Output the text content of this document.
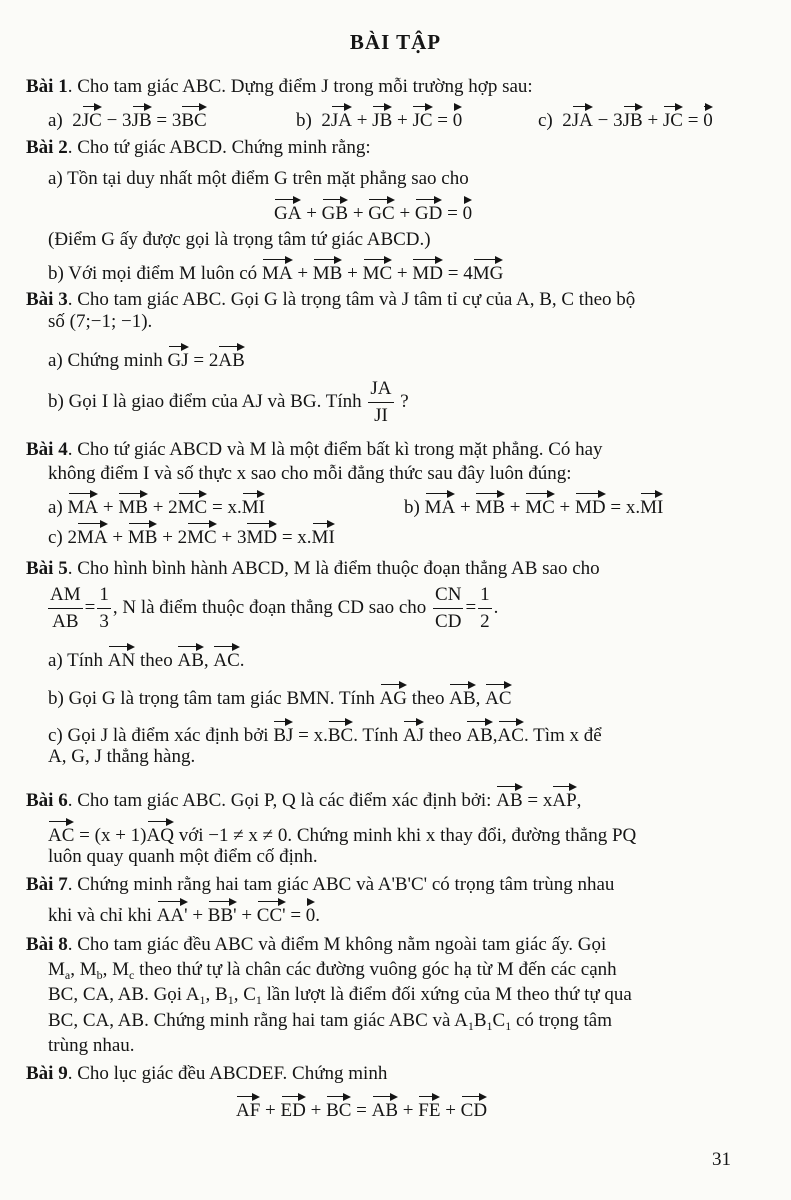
BÀI TẬP
Bài 1. Cho tam giác ABC. Dựng điểm J trong mỗi trường hợp sau:
a)  2JC − 3JB = 3BC	b)  2JA + JB + JC = 0	c)  2JA − 3JB + JC = 0
Bài 2. Cho tứ giác ABCD. Chứng minh rằng:
a) Tồn tại duy nhất một điểm G trên mặt phẳng sao cho
GA + GB + GC + GD = 0
(Điểm G ấy được gọi là trọng tâm tứ giác ABCD.)
b) Với mọi điểm M luôn có MA + MB + MC + MD = 4MG
Bài 3. Cho tam giác ABC. Gọi G là trọng tâm và J tâm tỉ cự của A, B, C theo bộ
số (7;−1; −1).
a) Chứng minh GJ = 2AB
b) Gọi I là giao điểm của AJ và BG. Tính $\frac{JA}{JI}$ ?
Bài 4. Cho tứ giác ABCD và M là một điểm bất kì trong mặt phẳng. Có hay
không điểm I và số thực x sao cho mỗi đẳng thức sau đây luôn đúng:
a) MA + MB + 2MC = x.MI	b) MA + MB + MC + MD = x.MI
c) 2MA + MB + 2MC + 3MD = x.MI
Bài 5. Cho hình bình hành ABCD, M là điểm thuộc đoạn thẳng AB sao cho
$\frac{AM}{AB} = \frac{1}{3}$ , N là điểm thuộc đoạn thẳng CD sao cho $\frac{CN}{CD} = \frac{1}{2}$ .
a) Tính AN theo AB, AC.
b) Gọi G là trọng tâm tam giác BMN. Tính AG theo AB, AC
c) Gọi J là điểm xác định bởi BJ = x.BC. Tính AJ theo AB,AC. Tìm x để
A, G, J thẳng hàng.
Bài 6. Cho tam giác ABC. Gọi P, Q là các điểm xác định bởi: AB = xAP,
AC = (x + 1)AQ với −1 ≠ x ≠ 0. Chứng minh khi x thay đổi, đường thẳng PQ
luôn quay quanh một điểm cố định.
Bài 7. Chứng minh rằng hai tam giác ABC và A'B'C' có trọng tâm trùng nhau
khi và chỉ khi AA' + BB' + CC' = 0.
Bài 8. Cho tam giác đều ABC và điểm M không nằm ngoài tam giác ấy. Gọi
$M_a$, $M_b$, $M_c$ theo thứ tự là chân các đường vuông góc hạ từ M đến các cạnh
BC, CA, AB. Gọi $A_1$, $B_1$, $C_1$ lần lượt là điểm đối xứng của M theo thứ tự qua
BC, CA, AB. Chứng minh rằng hai tam giác ABC và $A_1B_1C_1$ có trọng tâm
trùng nhau.
Bài 9. Cho lục giác đều ABCDEF. Chứng minh
AF + ED + BC = AB + FE + CD
31
